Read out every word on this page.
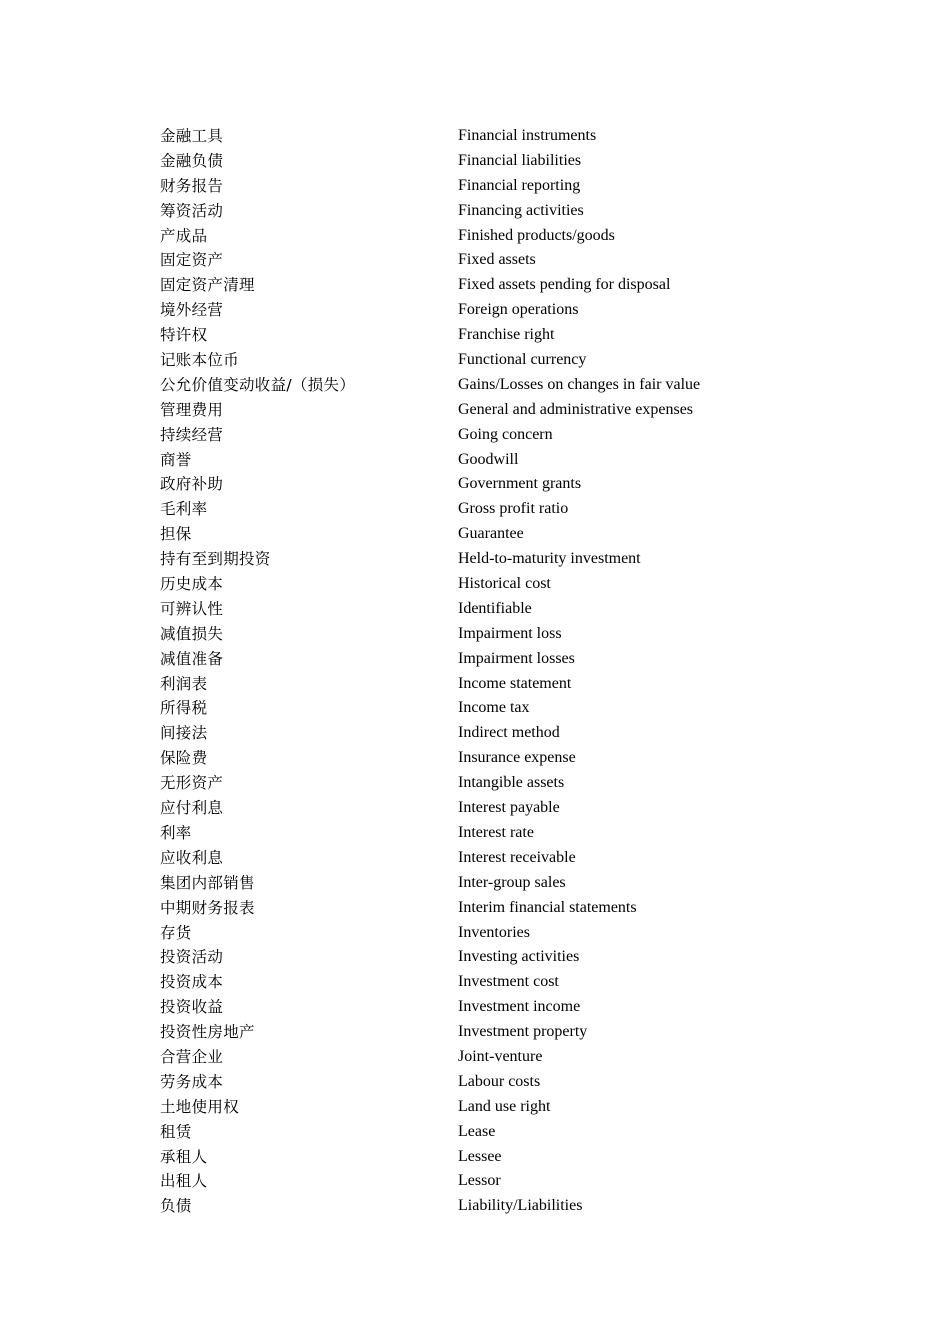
金融工具	Financial instruments
金融负债	Financial liabilities
财务报告	Financial reporting
筹资活动	Financing activities
产成品	Finished products/goods
固定资产	Fixed assets
固定资产清理	Fixed assets pending for disposal
境外经营	Foreign operations
特许权	Franchise right
记账本位币	Functional currency
公允价值变动收益/（损失）	Gains/Losses on changes in fair value
管理费用	General and administrative expenses
持续经营	Going concern
商誉	Goodwill
政府补助	Government grants
毛利率	Gross profit ratio
担保	Guarantee
持有至到期投资	Held-to-maturity investment
历史成本	Historical cost
可辨认性	Identifiable
减值损失	Impairment loss
减值准备	Impairment losses
利润表	Income statement
所得税	Income tax
间接法	Indirect method
保险费	Insurance expense
无形资产	Intangible assets
应付利息	Interest payable
利率	Interest rate
应收利息	Interest receivable
集团内部销售	Inter-group sales
中期财务报表	Interim financial statements
存货	Inventories
投资活动	Investing activities
投资成本	Investment cost
投资收益	Investment income
投资性房地产	Investment property
合营企业	Joint-venture
劳务成本	Labour costs
土地使用权	Land use right
租赁	Lease
承租人	Lessee
出租人	Lessor
负债	Liability/Liabilities
